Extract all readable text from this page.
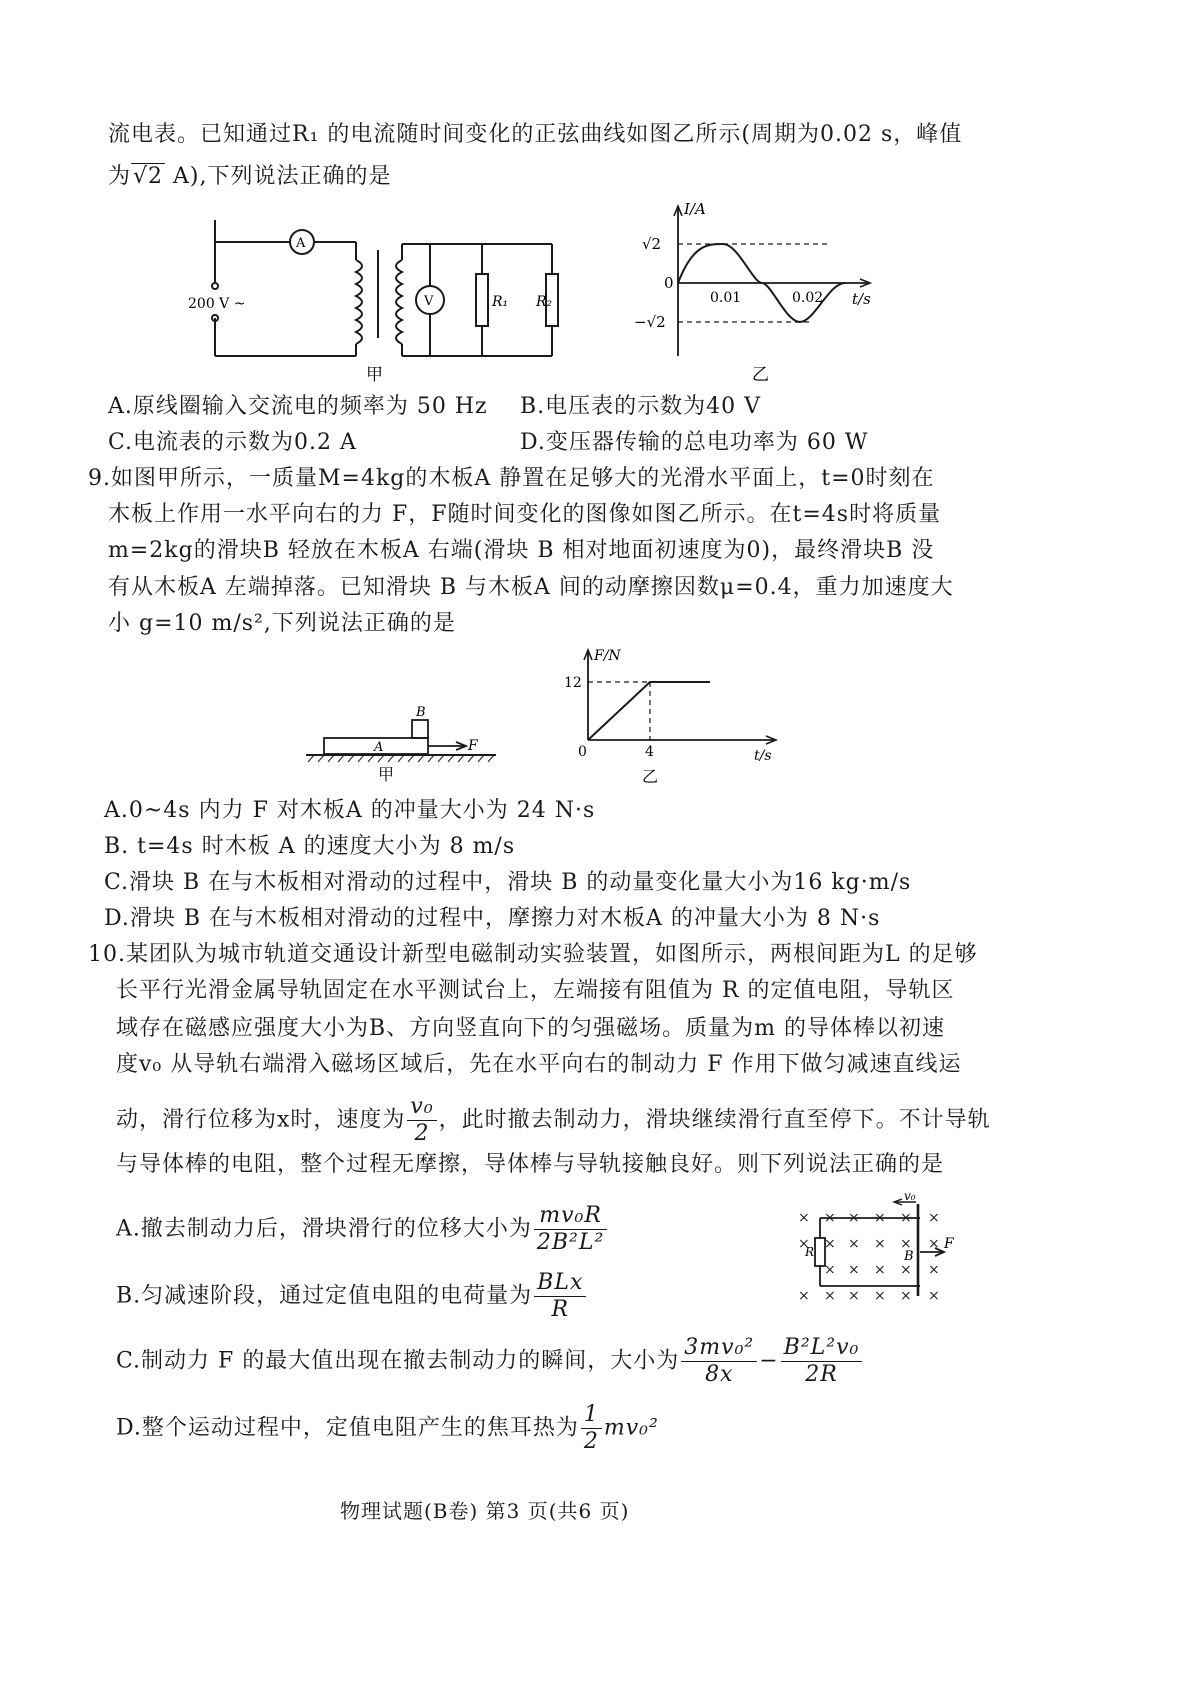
流电表。已知通过R₁ 的电流随时间变化的正弦曲线如图乙所示(周期为0.02 s，峰值
为√2 A),下列说法正确的是
A
V
200 V ~	R₁ R₂
甲
I/A
t/s
0
√2
−√2
0.01	0.02
乙
A.原线圈输入交流电的频率为 50 Hz B.电压表的示数为40 V
C.电流表的示数为0.2 A	D.变压器传输的总电功率为 60 W
9.如图甲所示，一质量M=4kg的木板A 静置在足够大的光滑水平面上，t=0时刻在
木板上作用一水平向右的力 F，F随时间变化的图像如图乙所示。在t=4s时将质量
m=2kg的滑块B 轻放在木板A 右端(滑块 B 相对地面初速度为0)，最终滑块B 没
有从木板A 左端掉落。已知滑块 B 与木板A 间的动摩擦因数μ=0.4，重力加速度大
小 g=10 m/s²,下列说法正确的是
A
B
F
甲
F/N
t/s
0
12
4
乙
A.0~4s 内力 F 对木板A 的冲量大小为 24 N·s
B. t=4s 时木板 A 的速度大小为 8 m/s
C.滑块 B 在与木板相对滑动的过程中，滑块 B 的动量变化量大小为16 kg·m/s
D.滑块 B 在与木板相对滑动的过程中，摩擦力对木板A 的冲量大小为 8 N·s
10.某团队为城市轨道交通设计新型电磁制动实验装置，如图所示，两根间距为L 的足够
长平行光滑金属导轨固定在水平测试台上，左端接有阻值为 R 的定值电阻，导轨区
域存在磁感应强度大小为B、方向竖直向下的匀强磁场。质量为m 的导体棒以初速
度v₀ 从导轨右端滑入磁场区域后，先在水平向右的制动力 F 作用下做匀减速直线运
动，滑行位移为x时，速度为 $\frac{\text{v₀}}{2}$ ，此时撤去制动力，滑块继续滑行直至停下。不计导轨
与导体棒的电阻，整个过程无摩擦，导体棒与导轨接触良好。则下列说法正确的是
A.撤去制动力后，滑块滑行的位移大小为 $\frac{\text{mv₀R}}{\text{2B²L²}}$
B.匀减速阶段，通过定值电阻的电荷量为 $\frac{\text{BLx}}{R}$
C.制动力 F 的最大值出现在撤去制动力的瞬间，大小为 $\frac{\text{3mv₀²}}{8x} - \frac{\text{B²L²v₀}}{2R}$
D.整个运动过程中，定值电阻产生的焦耳热为 $\frac{1}{2} mv_0^2$
× × × × × ×
× × × × × ×
× × × × ×
× × × × × ×
v₀
B
R	F
物理试题(B卷) 第3 页(共6 页)
